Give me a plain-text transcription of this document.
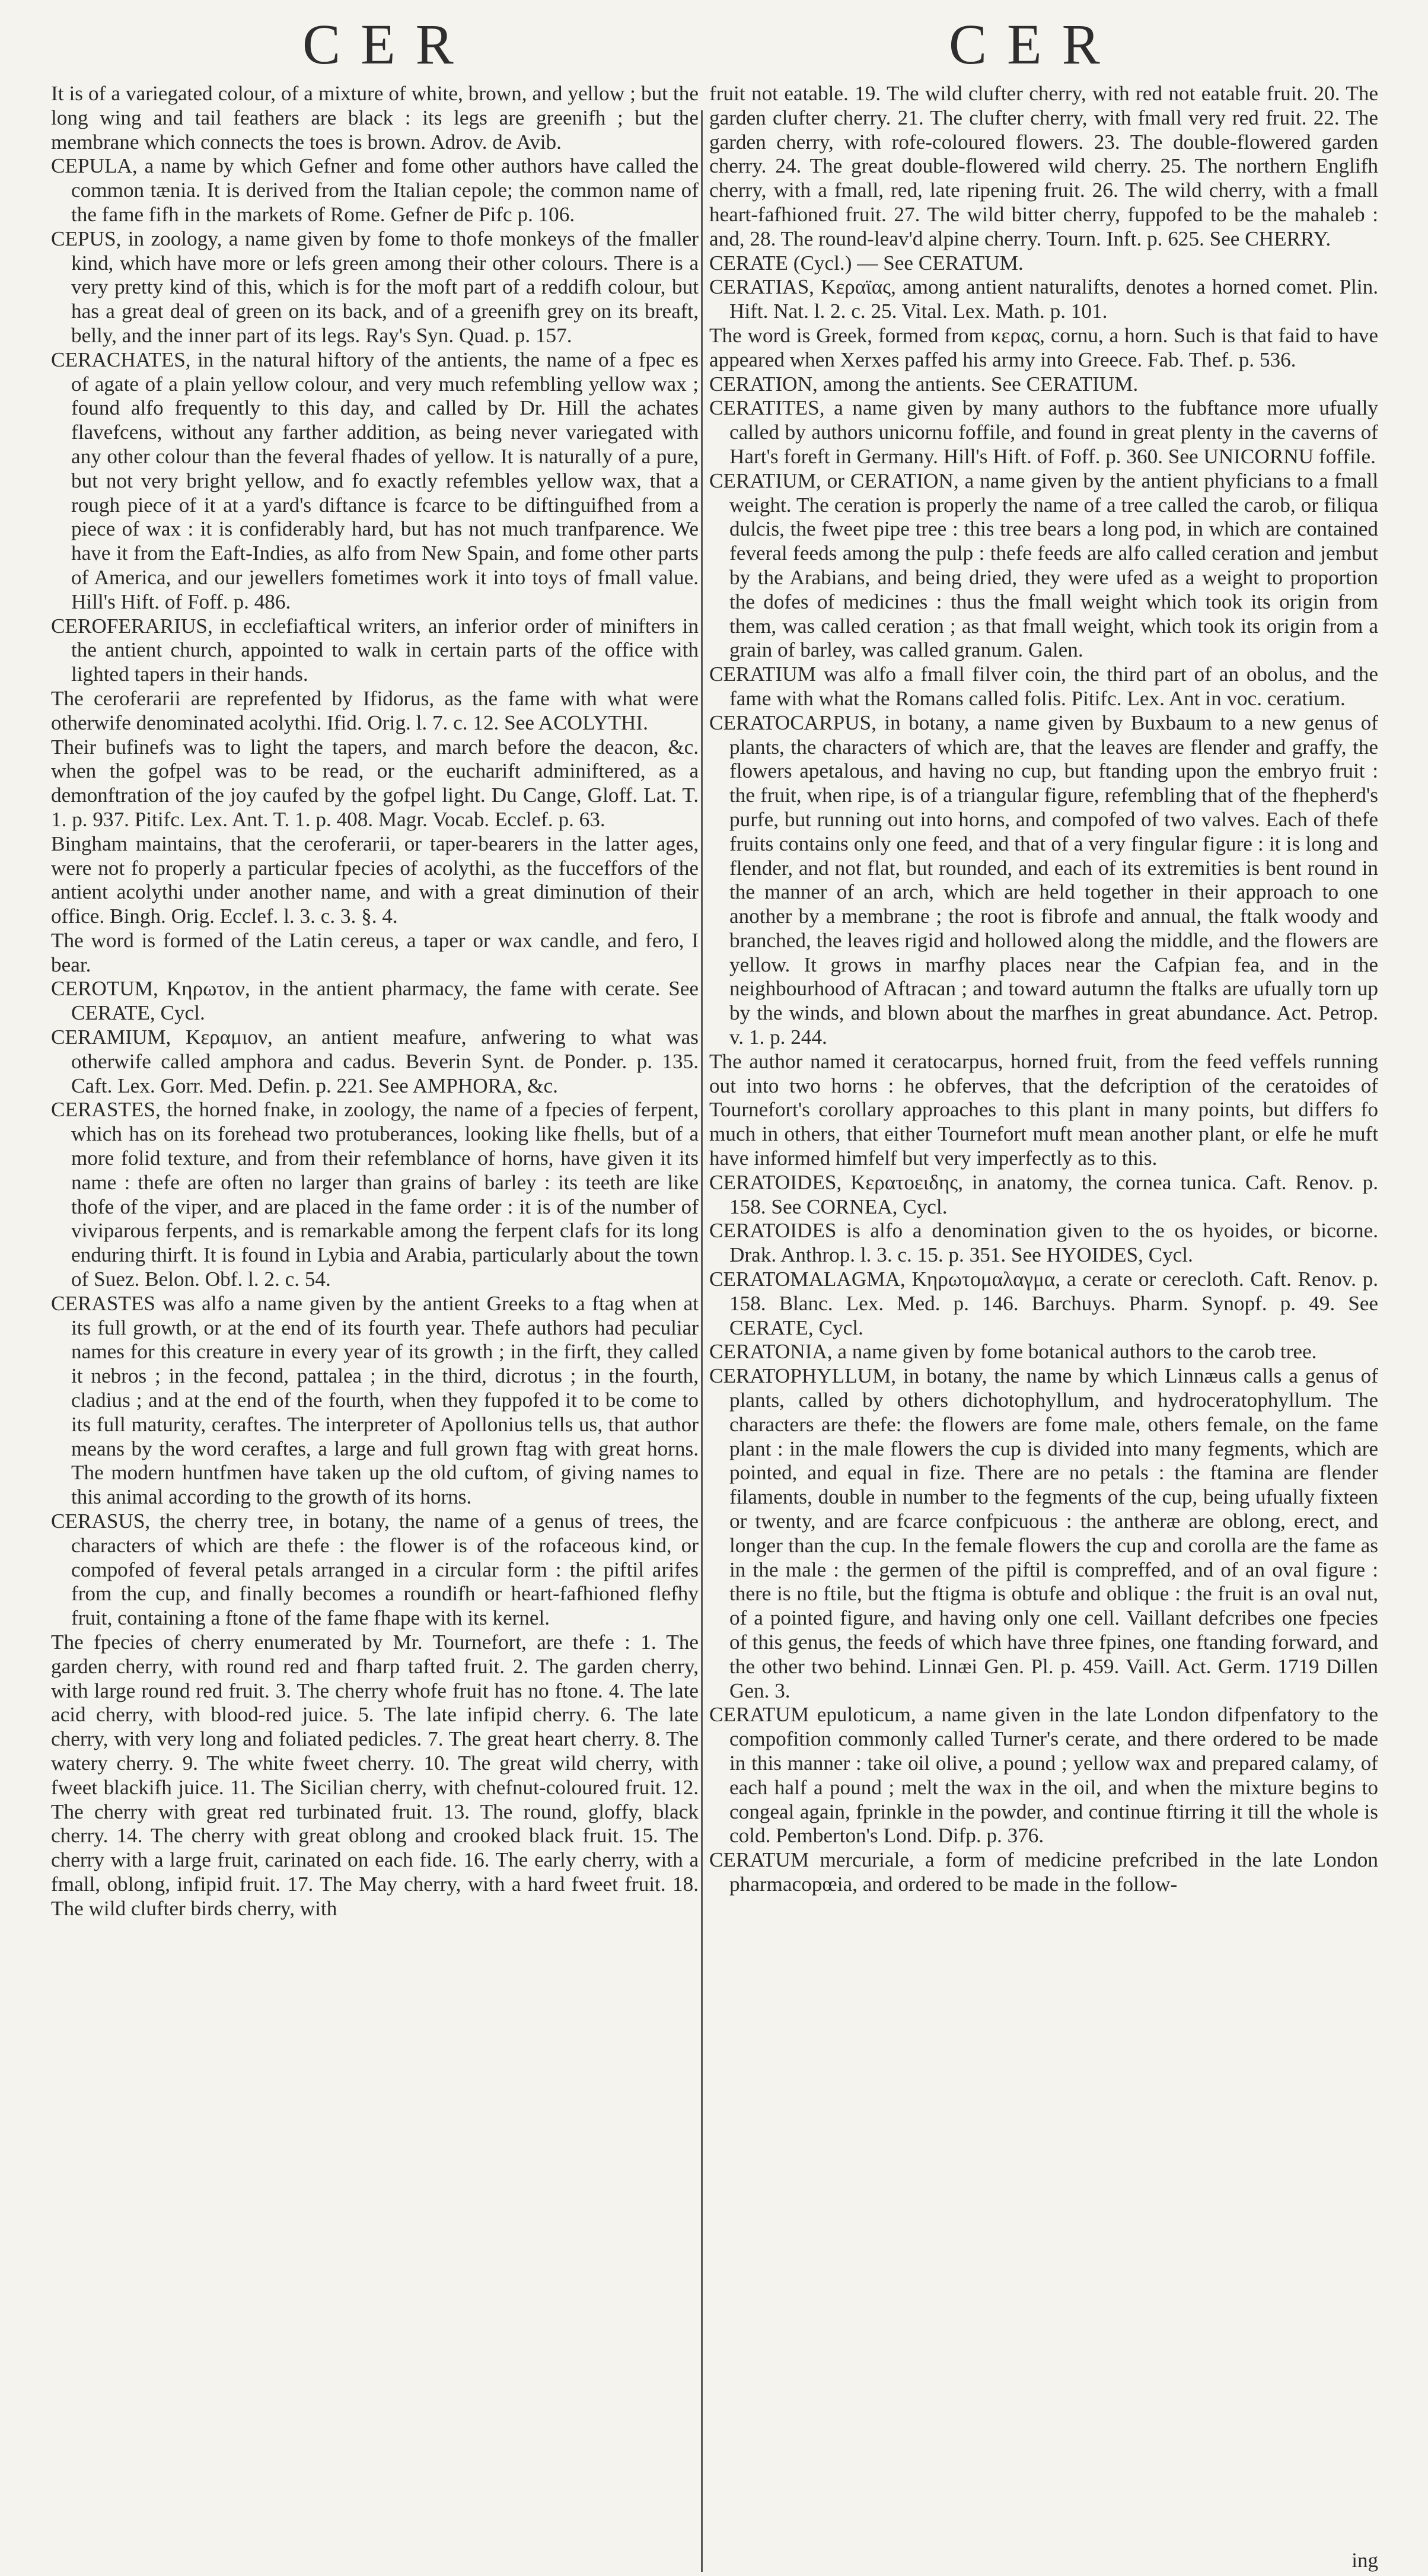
CER	CER

It is of a variegated colour, of a mixture of white, brown, and yellow ; but the long wing and tail feathers are black : its legs are greenifh ; but the membrane which connects the toes is brown. Adrov. de Avib.

CEPULA, a name by which Gefner and fome other authors have called the common tænia. It is derived from the Italian cepole; the common name of the fame fifh in the markets of Rome. Gefner de Pifc p. 106.

CEPUS, in zoology, a name given by fome to thofe monkeys of the fmaller kind, which have more or lefs green among their other colours. There is a very pretty kind of this, which is for the moft part of a reddifh colour, but has a great deal of green on its back, and of a greenifh grey on its breaft, belly, and the inner part of its legs. Ray's Syn. Quad. p. 157.

CERACHATES, in the natural hiftory of the antients, the name of a fpec es of agate of a plain yellow colour, and very much refembling yellow wax ; found alfo frequently to this day, and called by Dr. Hill the achates flavefcens, without any farther addition, as being never variegated with any other colour than the feveral fhades of yellow. It is naturally of a pure, but not very bright yellow, and fo exactly refembles yellow wax, that a rough piece of it at a yard's diftance is fcarce to be diftinguifhed from a piece of wax : it is confiderably hard, but has not much tranfparence. We have it from the Eaft-Indies, as alfo from New Spain, and fome other parts of America, and our jewellers fometimes work it into toys of fmall value. Hill's Hift. of Foff. p. 486.

CEROFERARIUS, in ecclefiaftical writers, an inferior order of minifters in the antient church, appointed to walk in certain parts of the office with lighted tapers in their hands.

The ceroferarii are reprefented by Ifidorus, as the fame with what were otherwife denominated acolythi. Ifid. Orig. l. 7. c. 12. See ACOLYTHI.

Their bufinefs was to light the tapers, and march before the deacon, &c. when the gofpel was to be read, or the eucharift adminiftered, as a demonftration of the joy caufed by the gofpel light. Du Cange, Gloff. Lat. T. 1. p. 937. Pitifc. Lex. Ant. T. 1. p. 408. Magr. Vocab. Ecclef. p. 63.

Bingham maintains, that the ceroferarii, or taper-bearers in the latter ages, were not fo properly a particular fpecies of acolythi, as the fucceffors of the antient acolythi under another name, and with a great diminution of their office. Bingh. Orig. Ecclef. l. 3. c. 3. §. 4.

The word is formed of the Latin cereus, a taper or wax candle, and fero, I bear.

CEROTUM, Κηρωτον, in the antient pharmacy, the fame with cerate. See CERATE, Cycl.

CERAMIUM, Κεραμιον, an antient meafure, anfwering to what was otherwife called amphora and cadus. Beverin Synt. de Ponder. p. 135. Caft. Lex. Gorr. Med. Defin. p. 221. See AMPHORA, &c.

CERASTES, the horned fnake, in zoology, the name of a fpecies of ferpent, which has on its forehead two protuberances, looking like fhells, but of a more folid texture, and from their refemblance of horns, have given it its name : thefe are often no larger than grains of barley : its teeth are like thofe of the viper, and are placed in the fame order : it is of the number of viviparous ferpents, and is remarkable among the ferpent clafs for its long enduring thirft. It is found in Lybia and Arabia, particularly about the town of Suez. Belon. Obf. l. 2. c. 54.

CERASTES was alfo a name given by the antient Greeks to a ftag when at its full growth, or at the end of its fourth year. Thefe authors had peculiar names for this creature in every year of its growth ; in the firft, they called it nebros ; in the fecond, pattalea ; in the third, dicrotus ; in the fourth, cladius ; and at the end of the fourth, when they fuppofed it to be come to its full maturity, ceraftes. The interpreter of Apollonius tells us, that author means by the word ceraftes, a large and full grown ftag with great horns. The modern huntfmen have taken up the old cuftom, of giving names to this animal according to the growth of its horns.

CERASUS, the cherry tree, in botany, the name of a genus of trees, the characters of which are thefe : the flower is of the rofaceous kind, or compofed of feveral petals arranged in a circular form : the piftil arifes from the cup, and finally becomes a roundifh or heart-fafhioned flefhy fruit, containing a ftone of the fame fhape with its kernel.

The fpecies of cherry enumerated by Mr. Tournefort, are thefe : 1. The garden cherry, with round red and fharp tafted fruit. 2. The garden cherry, with large round red fruit. 3. The cherry whofe fruit has no ftone. 4. The late acid cherry, with blood-red juice. 5. The late infipid cherry. 6. The late cherry, with very long and foliated pedicles. 7. The great heart cherry. 8. The watery cherry. 9. The white fweet cherry. 10. The great wild cherry, with fweet blackifh juice. 11. The Sicilian cherry, with chefnut-coloured fruit. 12. The cherry with great red turbinated fruit. 13. The round, gloffy, black cherry. 14. The cherry with great oblong and crooked black fruit. 15. The cherry with a large fruit, carinated on each fide. 16. The early cherry, with a fmall, oblong, infipid fruit. 17. The May cherry, with a hard fweet fruit. 18. The wild clufter birds cherry, with

fruit not eatable. 19. The wild clufter cherry, with red not eatable fruit. 20. The garden clufter cherry. 21. The clufter cherry, with fmall very red fruit. 22. The garden cherry, with rofe-coloured flowers. 23. The double-flowered garden cherry. 24. The great double-flowered wild cherry. 25. The northern Englifh cherry, with a fmall, red, late ripening fruit. 26. The wild cherry, with a fmall heart-fafhioned fruit. 27. The wild bitter cherry, fuppofed to be the mahaleb : and, 28. The round-leav'd alpine cherry. Tourn. Inft. p. 625. See CHERRY.

CERATE (Cycl.) — See CERATUM.

CERATIAS, Κεραϊας, among antient naturalifts, denotes a horned comet. Plin. Hift. Nat. l. 2. c. 25. Vital. Lex. Math. p. 101.

The word is Greek, formed from κερας, cornu, a horn. Such is that faid to have appeared when Xerxes paffed his army into Greece. Fab. Thef. p. 536.

CERATION, among the antients. See CERATIUM.

CERATITES, a name given by many authors to the fubftance more ufually called by authors unicornu foffile, and found in great plenty in the caverns of Hart's foreft in Germany. Hill's Hift. of Foff. p. 360. See UNICORNU foffile.

CERATIUM, or CERATION, a name given by the antient phyficians to a fmall weight. The ceration is properly the name of a tree called the carob, or filiqua dulcis, the fweet pipe tree : this tree bears a long pod, in which are contained feveral feeds among the pulp : thefe feeds are alfo called ceration and jembut by the Arabians, and being dried, they were ufed as a weight to proportion the dofes of medicines : thus the fmall weight which took its origin from them, was called ceration ; as that fmall weight, which took its origin from a grain of barley, was called granum. Galen.

CERATIUM was alfo a fmall filver coin, the third part of an obolus, and the fame with what the Romans called folis. Pitifc. Lex. Ant in voc. ceratium.

CERATOCARPUS, in botany, a name given by Buxbaum to a new genus of plants, the characters of which are, that the leaves are flender and graffy, the flowers apetalous, and having no cup, but ftanding upon the embryo fruit : the fruit, when ripe, is of a triangular figure, refembling that of the fhepherd's purfe, but running out into horns, and compofed of two valves. Each of thefe fruits contains only one feed, and that of a very fingular figure : it is long and flender, and not flat, but rounded, and each of its extremities is bent round in the manner of an arch, which are held together in their approach to one another by a membrane ; the root is fibrofe and annual, the ftalk woody and branched, the leaves rigid and hollowed along the middle, and the flowers are yellow. It grows in marfhy places near the Cafpian fea, and in the neighbourhood of Aftracan ; and toward autumn the ftalks are ufually torn up by the winds, and blown about the marfhes in great abundance. Act. Petrop. v. 1. p. 244.

The author named it ceratocarpus, horned fruit, from the feed veffels running out into two horns : he obferves, that the defcription of the ceratoides of Tournefort's corollary approaches to this plant in many points, but differs fo much in others, that either Tournefort muft mean another plant, or elfe he muft have informed himfelf but very imperfectly as to this.

CERATOIDES, Κερατοειδης, in anatomy, the cornea tunica. Caft. Renov. p. 158. See CORNEA, Cycl.

CERATOIDES is alfo a denomination given to the os hyoides, or bicorne. Drak. Anthrop. l. 3. c. 15. p. 351. See HYOIDES, Cycl.

CERATOMALAGMA, Κηρωτομαλαγμα, a cerate or cerecloth. Caft. Renov. p. 158. Blanc. Lex. Med. p. 146. Barchuys. Pharm. Synopf. p. 49. See CERATE, Cycl.

CERATONIA, a name given by fome botanical authors to the carob tree.

CERATOPHYLLUM, in botany, the name by which Linnæus calls a genus of plants, called by others dichotophyllum, and hydroceratophyllum. The characters are thefe: the flowers are fome male, others female, on the fame plant : in the male flowers the cup is divided into many fegments, which are pointed, and equal in fize. There are no petals : the ftamina are flender filaments, double in number to the fegments of the cup, being ufually fixteen or twenty, and are fcarce confpicuous : the antheræ are oblong, erect, and longer than the cup. In the female flowers the cup and corolla are the fame as in the male : the germen of the piftil is compreffed, and of an oval figure : there is no ftile, but the ftigma is obtufe and oblique : the fruit is an oval nut, of a pointed figure, and having only one cell. Vaillant defcribes one fpecies of this genus, the feeds of which have three fpines, one ftanding forward, and the other two behind. Linnæi Gen. Pl. p. 459. Vaill. Act. Germ. 1719 Dillen Gen. 3.

CERATUM epuloticum, a name given in the late London difpenfatory to the compofition commonly called Turner's cerate, and there ordered to be made in this manner : take oil olive, a pound ; yellow wax and prepared calamy, of each half a pound ; melt the wax in the oil, and when the mixture begins to congeal again, fprinkle in the powder, and continue ftirring it till the whole is cold. Pemberton's Lond. Difp. p. 376.

CERATUM mercuriale, a form of medicine prefcribed in the late London pharmacopœia, and ordered to be made in the follow-

ing
